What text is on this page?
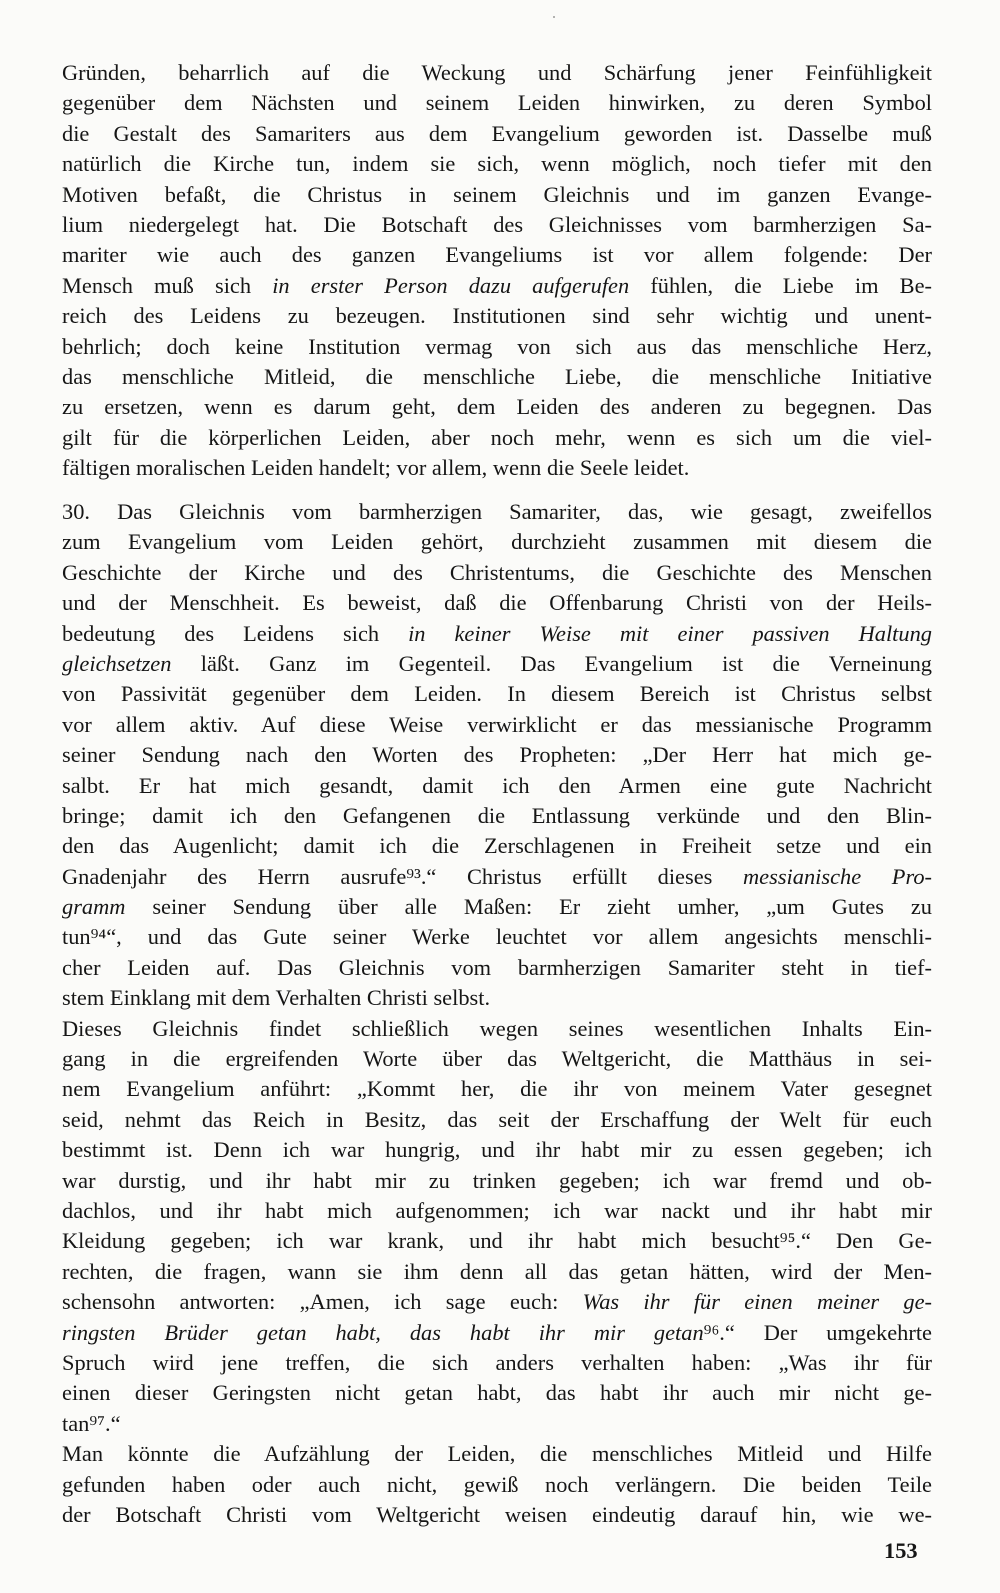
Gründen, beharrlich auf die Weckung und Schärfung jener Feinfühligkeit
gegenüber dem Nächsten und seinem Leiden hinwirken, zu deren Symbol
die Gestalt des Samariters aus dem Evangelium geworden ist. Dasselbe muß
natürlich die Kirche tun, indem sie sich, wenn möglich, noch tiefer mit den
Motiven befaßt, die Christus in seinem Gleichnis und im ganzen Evange-
lium niedergelegt hat. Die Botschaft des Gleichnisses vom barmherzigen Sa-
mariter wie auch des ganzen Evangeliums ist vor allem folgende: Der
Mensch muß sich in erster Person dazu aufgerufen fühlen, die Liebe im Be-
reich des Leidens zu bezeugen. Institutionen sind sehr wichtig und unent-
behrlich; doch keine Institution vermag von sich aus das menschliche Herz,
das menschliche Mitleid, die menschliche Liebe, die menschliche Initiative
zu ersetzen, wenn es darum geht, dem Leiden des anderen zu begegnen. Das
gilt für die körperlichen Leiden, aber noch mehr, wenn es sich um die viel-
fältigen moralischen Leiden handelt; vor allem, wenn die Seele leidet.
30. Das Gleichnis vom barmherzigen Samariter, das, wie gesagt, zweifellos
zum Evangelium vom Leiden gehört, durchzieht zusammen mit diesem die
Geschichte der Kirche und des Christentums, die Geschichte des Menschen
und der Menschheit. Es beweist, daß die Offenbarung Christi von der Heils-
bedeutung des Leidens sich in keiner Weise mit einer passiven Haltung
gleichsetzen läßt. Ganz im Gegenteil. Das Evangelium ist die Verneinung
von Passivität gegenüber dem Leiden. In diesem Bereich ist Christus selbst
vor allem aktiv. Auf diese Weise verwirklicht er das messianische Programm
seiner Sendung nach den Worten des Propheten: „Der Herr hat mich ge-
salbt. Er hat mich gesandt, damit ich den Armen eine gute Nachricht
bringe; damit ich den Gefangenen die Entlassung verkünde und den Blin-
den das Augenlicht; damit ich die Zerschlagenen in Freiheit setze und ein
Gnadenjahr des Herrn ausrufe⁹³.“ Christus erfüllt dieses messianische Pro-
gramm seiner Sendung über alle Maßen: Er zieht umher, „um Gutes zu
tun⁹⁴“, und das Gute seiner Werke leuchtet vor allem angesichts menschli-
cher Leiden auf. Das Gleichnis vom barmherzigen Samariter steht in tief-
stem Einklang mit dem Verhalten Christi selbst.
Dieses Gleichnis findet schließlich wegen seines wesentlichen Inhalts Ein-
gang in die ergreifenden Worte über das Weltgericht, die Matthäus in sei-
nem Evangelium anführt: „Kommt her, die ihr von meinem Vater gesegnet
seid, nehmt das Reich in Besitz, das seit der Erschaffung der Welt für euch
bestimmt ist. Denn ich war hungrig, und ihr habt mir zu essen gegeben; ich
war durstig, und ihr habt mir zu trinken gegeben; ich war fremd und ob-
dachlos, und ihr habt mich aufgenommen; ich war nackt und ihr habt mir
Kleidung gegeben; ich war krank, und ihr habt mich besucht⁹⁵.“ Den Ge-
rechten, die fragen, wann sie ihm denn all das getan hätten, wird der Men-
schensohn antworten: „Amen, ich sage euch: Was ihr für einen meiner ge-
ringsten Brüder getan habt, das habt ihr mir getan⁹⁶.“ Der umgekehrte
Spruch wird jene treffen, die sich anders verhalten haben: „Was ihr für
einen dieser Geringsten nicht getan habt, das habt ihr auch mir nicht ge-
tan⁹⁷.“
Man könnte die Aufzählung der Leiden, die menschliches Mitleid und Hilfe
gefunden haben oder auch nicht, gewiß noch verlängern. Die beiden Teile
der Botschaft Christi vom Weltgericht weisen eindeutig darauf hin, wie we-
153
